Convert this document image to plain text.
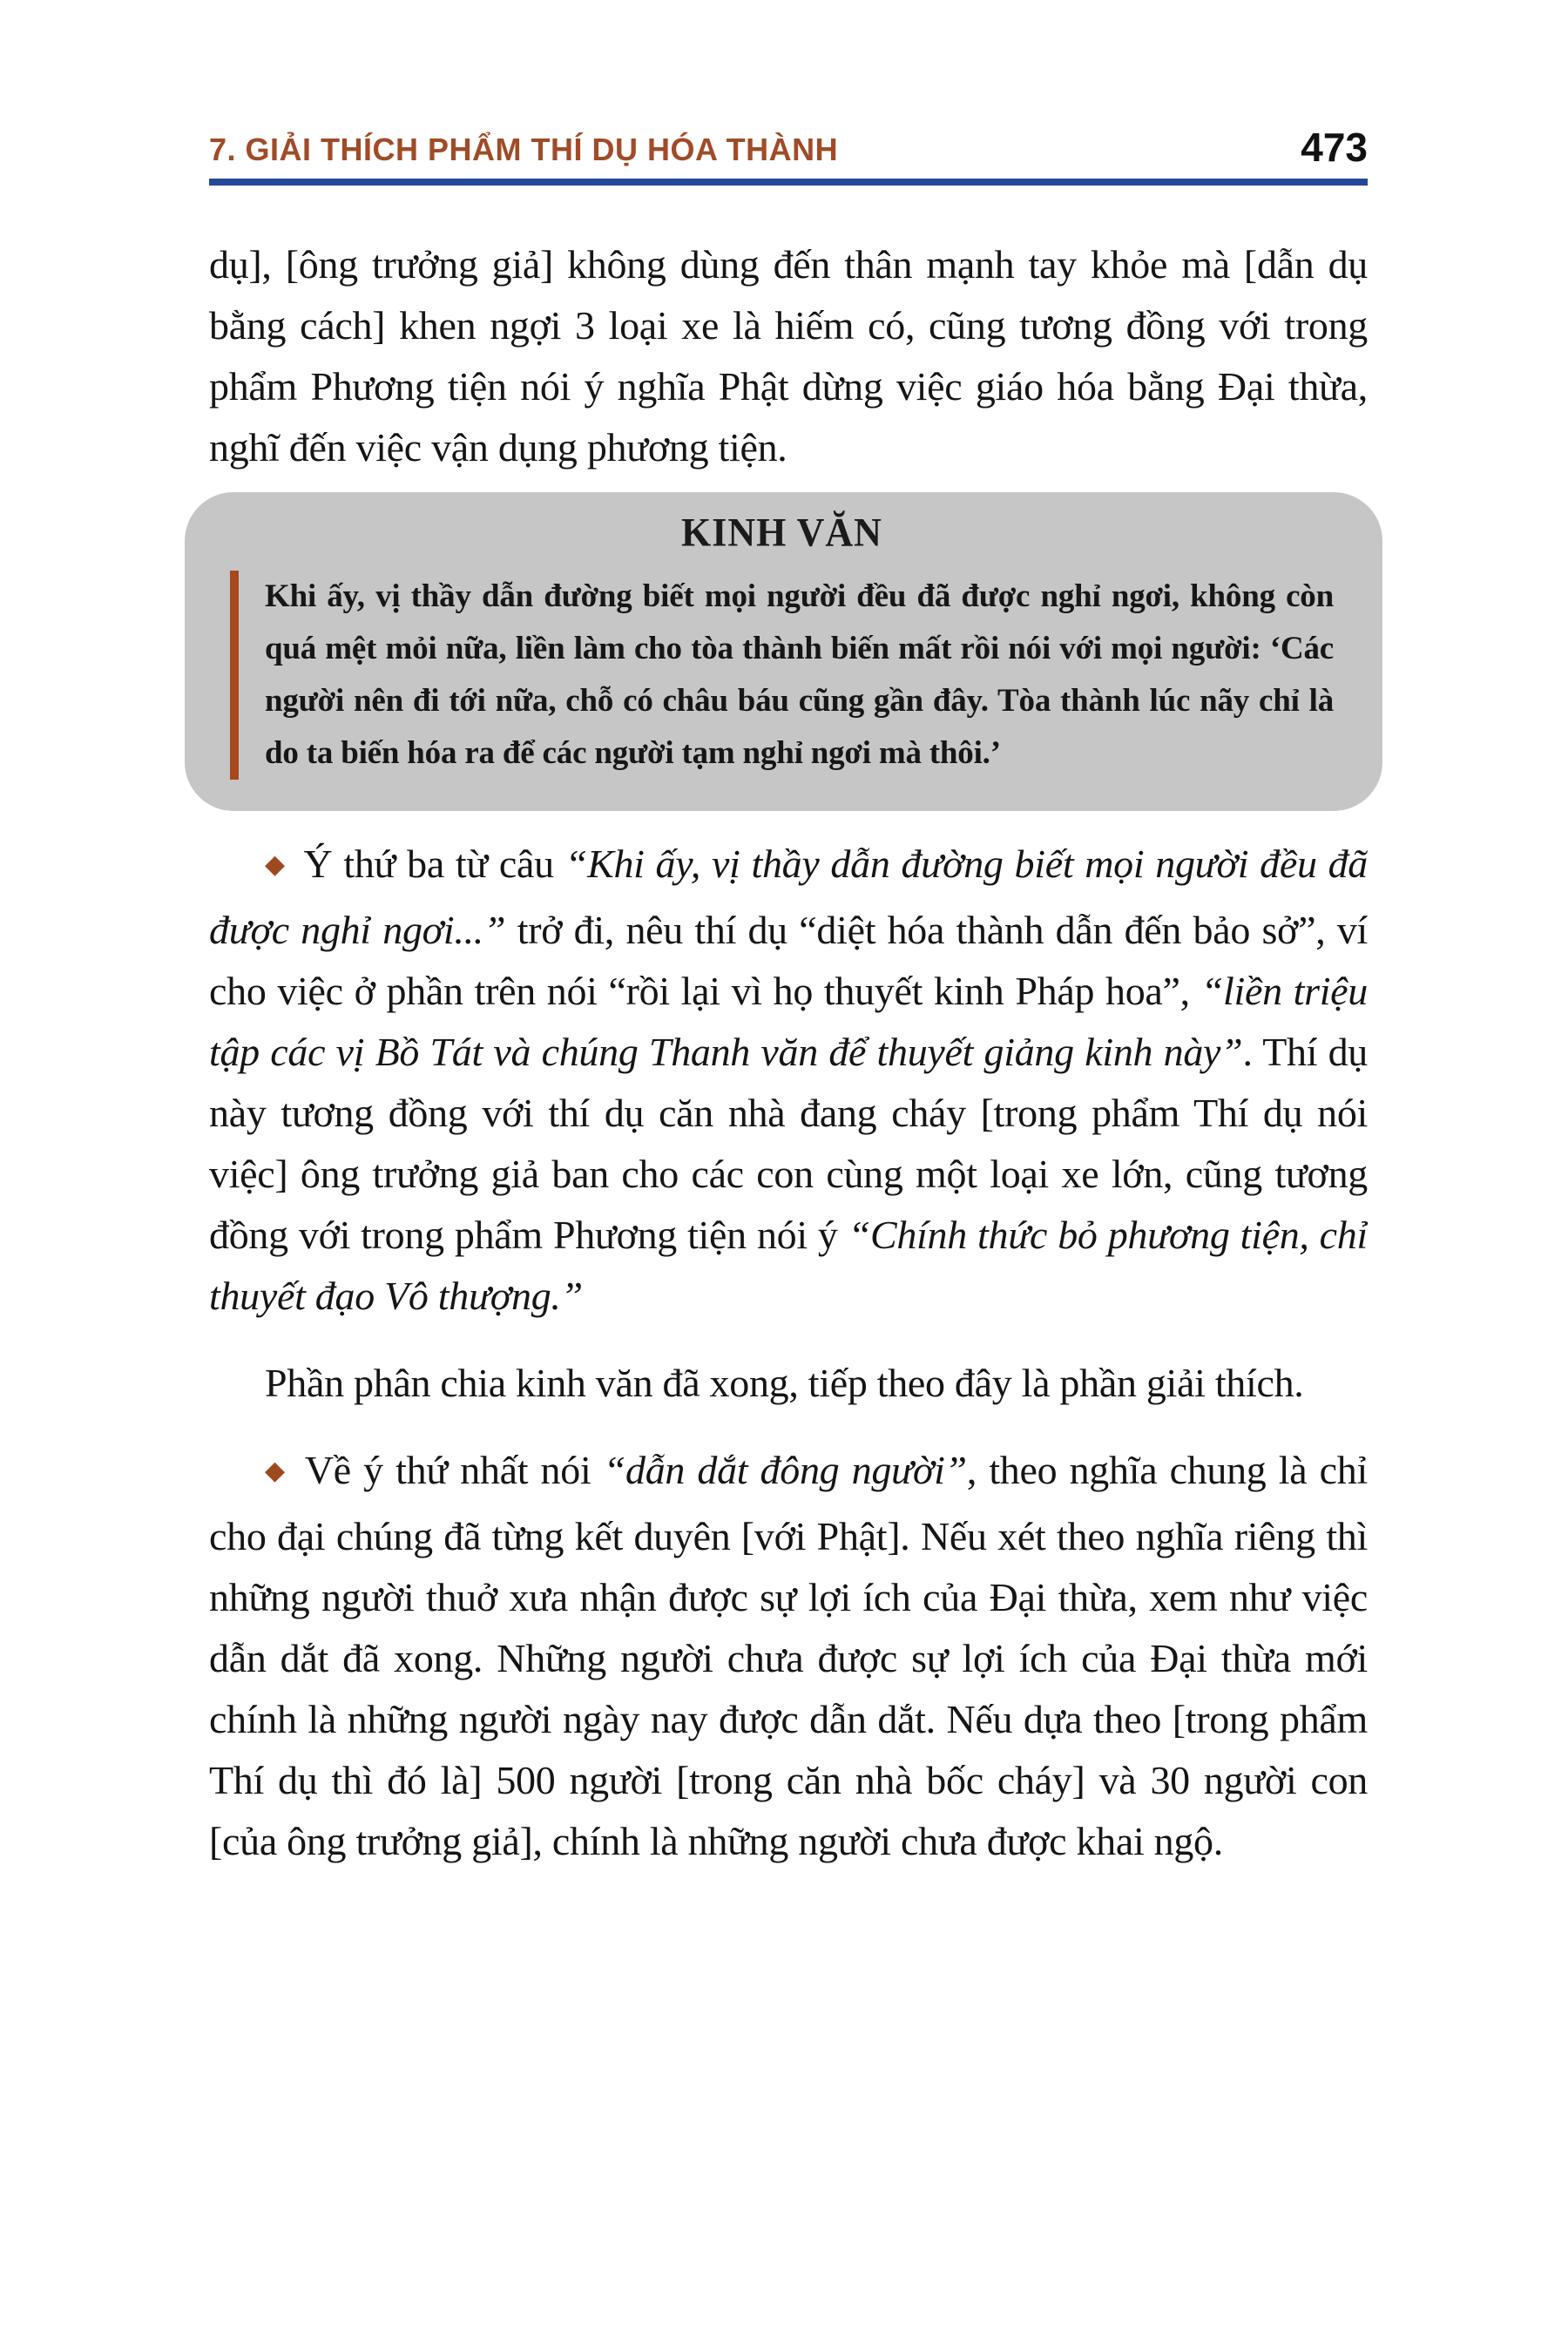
7. GIẢI THÍCH PHẨM THÍ DỤ HÓA THÀNH	473

dụ], [ông trưởng giả] không dùng đến thân mạnh tay khỏe mà [dẫn dụ bằng cách] khen ngợi 3 loại xe là hiếm có, cũng tương đồng với trong phẩm Phương tiện nói ý nghĩa Phật dừng việc giáo hóa bằng Đại thừa, nghĩ đến việc vận dụng phương tiện.

KINH VĂN
Khi ấy, vị thầy dẫn đường biết mọi người đều đã được nghỉ ngơi, không còn quá mệt mỏi nữa, liền làm cho tòa thành biến mất rồi nói với mọi người: ‘Các người nên đi tới nữa, chỗ có châu báu cũng gần đây. Tòa thành lúc nãy chỉ là do ta biến hóa ra để các người tạm nghỉ ngơi mà thôi.’

◆ Ý thứ ba từ câu “Khi ấy, vị thầy dẫn đường biết mọi người đều đã được nghỉ ngơi...” trở đi, nêu thí dụ “diệt hóa thành dẫn đến bảo sở”, ví cho việc ở phần trên nói “rồi lại vì họ thuyết kinh Pháp hoa”, “liền triệu tập các vị Bồ Tát và chúng Thanh văn để thuyết giảng kinh này”. Thí dụ này tương đồng với thí dụ căn nhà đang cháy [trong phẩm Thí dụ nói việc] ông trưởng giả ban cho các con cùng một loại xe lớn, cũng tương đồng với trong phẩm Phương tiện nói ý “Chính thức bỏ phương tiện, chỉ thuyết đạo Vô thượng.”

Phần phân chia kinh văn đã xong, tiếp theo đây là phần giải thích.

◆ Về ý thứ nhất nói “dẫn dắt đông người”, theo nghĩa chung là chỉ cho đại chúng đã từng kết duyên [với Phật]. Nếu xét theo nghĩa riêng thì những người thuở xưa nhận được sự lợi ích của Đại thừa, xem như việc dẫn dắt đã xong. Những người chưa được sự lợi ích của Đại thừa mới chính là những người ngày nay được dẫn dắt. Nếu dựa theo [trong phẩm Thí dụ thì đó là] 500 người [trong căn nhà bốc cháy] và 30 người con [của ông trưởng giả], chính là những người chưa được khai ngộ.
